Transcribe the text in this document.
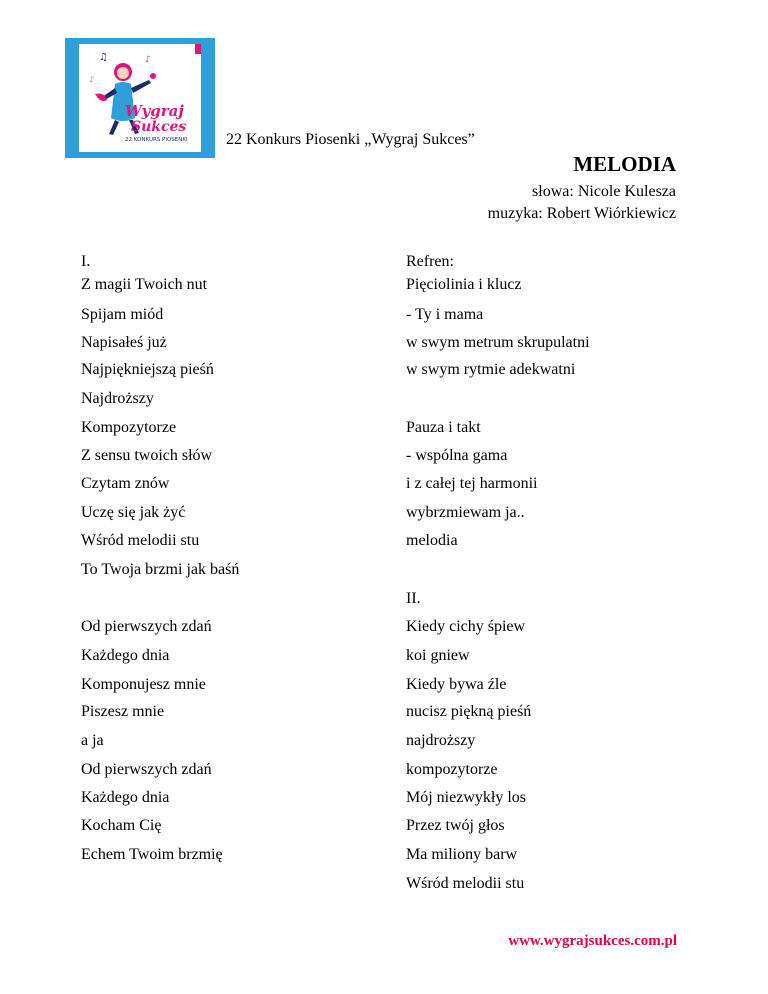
♫	♪
♪
Wygraj
Sukces
22 KONKURS PIOSENKI 22 Konkurs Piosenki „Wygraj Sukces”
MELODIA
słowa: Nicole Kulesza
muzyka: Robert Wiórkiewicz
I.
Z magii Twoich nut
Spijam miód
Napisałeś już
Najpiękniejszą pieśń
Najdroższy
Kompozytorze
Z sensu twoich słów
Czytam znów
Uczę się jak żyć
Wśród melodii stu
To Twoja brzmi jak baśń
Od pierwszych zdań
Każdego dnia
Komponujesz mnie
Piszesz mnie
a ja
Od pierwszych zdań
Każdego dnia
Kocham Cię
Echem Twoim brzmię
Refren:
Pięciolinia i klucz
- Ty i mama
w swym metrum skrupulatni
w swym rytmie adekwatni
Pauza i takt
- wspólna gama
i z całej tej harmonii
wybrzmiewam ja..
melodia
II.
Kiedy cichy śpiew
koi gniew
Kiedy bywa źle
nucisz piękną pieśń
najdroższy
kompozytorze
Mój niezwykły los
Przez twój głos
Ma miliony barw
Wśród melodii stu
www.wygrajsukces.com.pl
